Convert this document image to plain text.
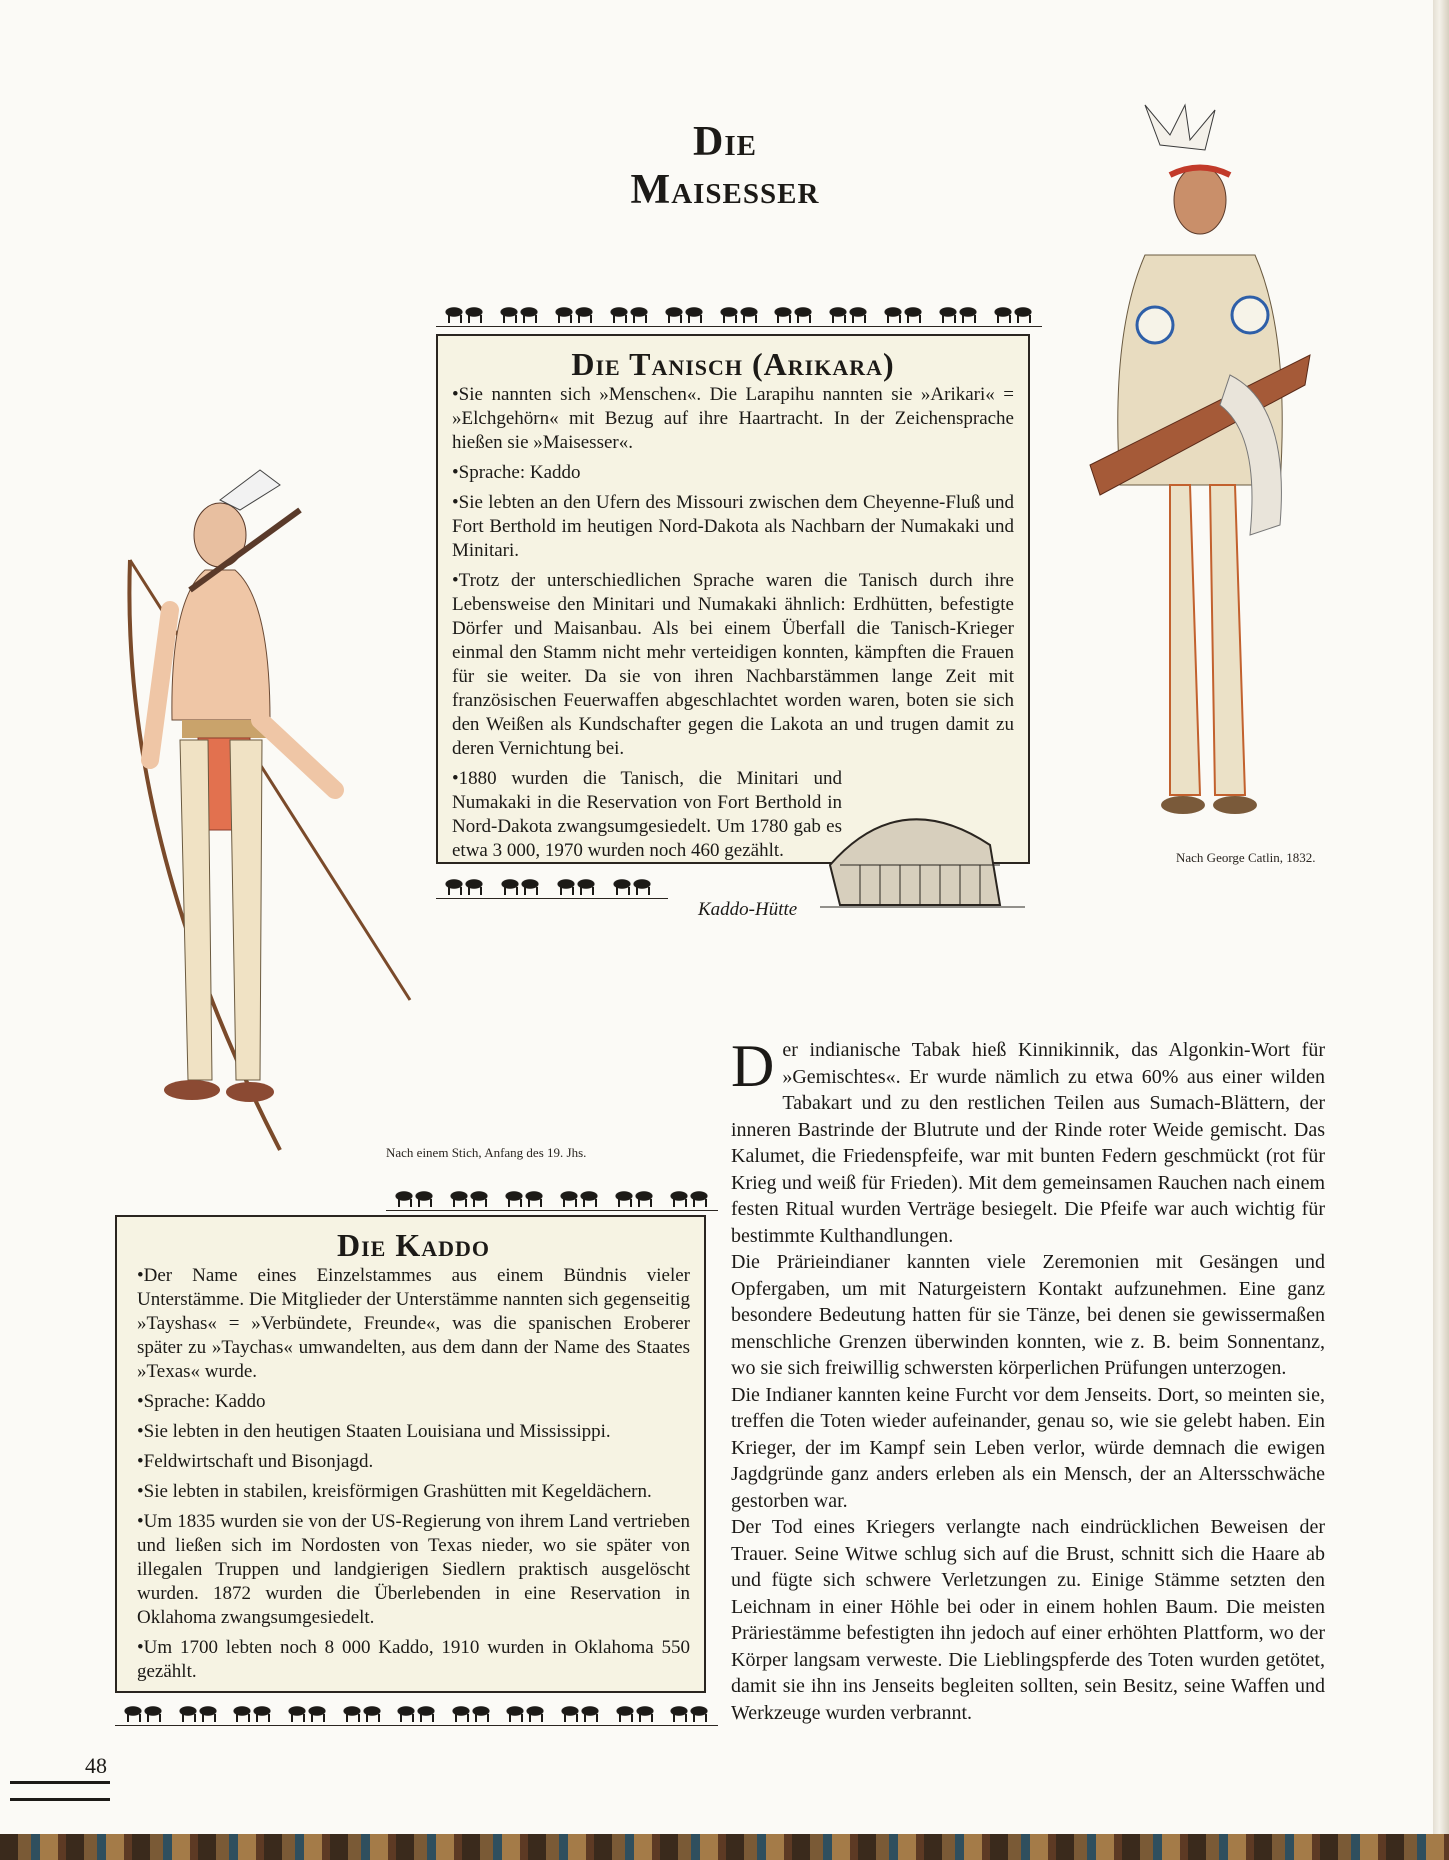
Die Maisesser
Nach einem Stich, Anfang des 19. Jhs.
Nach George Catlin, 1832.
Die Tanisch (Arikara)

• Sie nannten sich »Menschen«. Die Larapihu nannten sie »Arikari« = »Elchgehörn« mit Bezug auf ihre Haartracht. In der Zeichensprache hießen sie »Maisesser«.

• Sprache: Kaddo

• Sie lebten an den Ufern des Missouri zwischen dem Cheyenne-Fluß und Fort Berthold im heutigen Nord-Dakota als Nachbarn der Numakaki und Minitari.

• Trotz der unterschiedlichen Sprache waren die Tanisch durch ihre Lebensweise den Minitari und Numakaki ähnlich: Erdhütten, befestigte Dörfer und Maisanbau. Als bei einem Überfall die Tanisch-Krieger einmal den Stamm nicht mehr verteidigen konnten, kämpften die Frauen für sie weiter. Da sie von ihren Nachbarstämmen lange Zeit mit französischen Feuerwaffen abgeschlachtet worden waren, boten sie sich den Weißen als Kundschafter gegen die Lakota an und trugen damit zu deren Vernichtung bei.

• 1880 wurden die Tanisch, die Minitari und Numakaki in die Reservation von Fort Berthold in Nord-Dakota zwangsumgesiedelt. Um 1780 gab es etwa 3 000, 1970 wurden noch 460 gezählt.

Kaddo-Hütte
Die Kaddo

• Der Name eines Einzelstammes aus einem Bündnis vieler Unterstämme. Die Mitglieder der Unterstämme nannten sich gegenseitig »Tayshas« = »Verbündete, Freunde«, was die spanischen Eroberer später zu »Taychas« umwandelten, aus dem dann der Name des Staates »Texas« wurde.

• Sprache: Kaddo

• Sie lebten in den heutigen Staaten Louisiana und Mississippi.

• Feldwirtschaft und Bisonjagd.

• Sie lebten in stabilen, kreisförmigen Grashütten mit Kegeldächern.

• Um 1835 wurden sie von der US-Regierung von ihrem Land vertrieben und ließen sich im Nordosten von Texas nieder, wo sie später von illegalen Truppen und landgierigen Siedlern praktisch ausgelöscht wurden. 1872 wurden die Überlebenden in eine Reservation in Oklahoma zwangsumgesiedelt.

• Um 1700 lebten noch 8 000 Kaddo, 1910 wurden in Oklahoma 550 gezählt.

Der indianische Tabak hieß Kinnikinnik, das Algonkin-Wort für »Gemischtes«. Er wurde nämlich zu etwa 60% aus einer wilden Tabakart und zu den restlichen Teilen aus Sumach-Blättern, der inneren Bastrinde der Blutrute und der Rinde roter Weide gemischt. Das Kalumet, die Friedenspfeife, war mit bunten Federn geschmückt (rot für Krieg und weiß für Frieden). Mit dem gemeinsamen Rauchen nach einem festen Ritual wurden Verträge besiegelt. Die Pfeife war auch wichtig für bestimmte Kulthandlungen.

Die Prärieindianer kannten viele Zeremonien mit Gesängen und Opfergaben, um mit Naturgeistern Kontakt aufzunehmen. Eine ganz besondere Bedeutung hatten für sie Tänze, bei denen sie gewissermaßen menschliche Grenzen überwinden konnten, wie z. B. beim Sonnentanz, wo sie sich freiwillig schwersten körperlichen Prüfungen unterzogen.

Die Indianer kannten keine Furcht vor dem Jenseits. Dort, so meinten sie, treffen die Toten wieder aufeinander, genau so, wie sie gelebt haben. Ein Krieger, der im Kampf sein Leben verlor, würde demnach die ewigen Jagdgründe ganz anders erleben als ein Mensch, der an Altersschwäche gestorben war.

Der Tod eines Kriegers verlangte nach eindrücklichen Beweisen der Trauer. Seine Witwe schlug sich auf die Brust, schnitt sich die Haare ab und fügte sich schwere Verletzungen zu. Einige Stämme setzten den Leichnam in einer Höhle bei oder in einem hohlen Baum. Die meisten Präriestämme befestigten ihn jedoch auf einer erhöhten Plattform, wo der Körper langsam verweste. Die Lieblingspferde des Toten wurden getötet, damit sie ihn ins Jenseits begleiten sollten, sein Besitz, seine Waffen und Werkzeuge wurden verbrannt.

48
